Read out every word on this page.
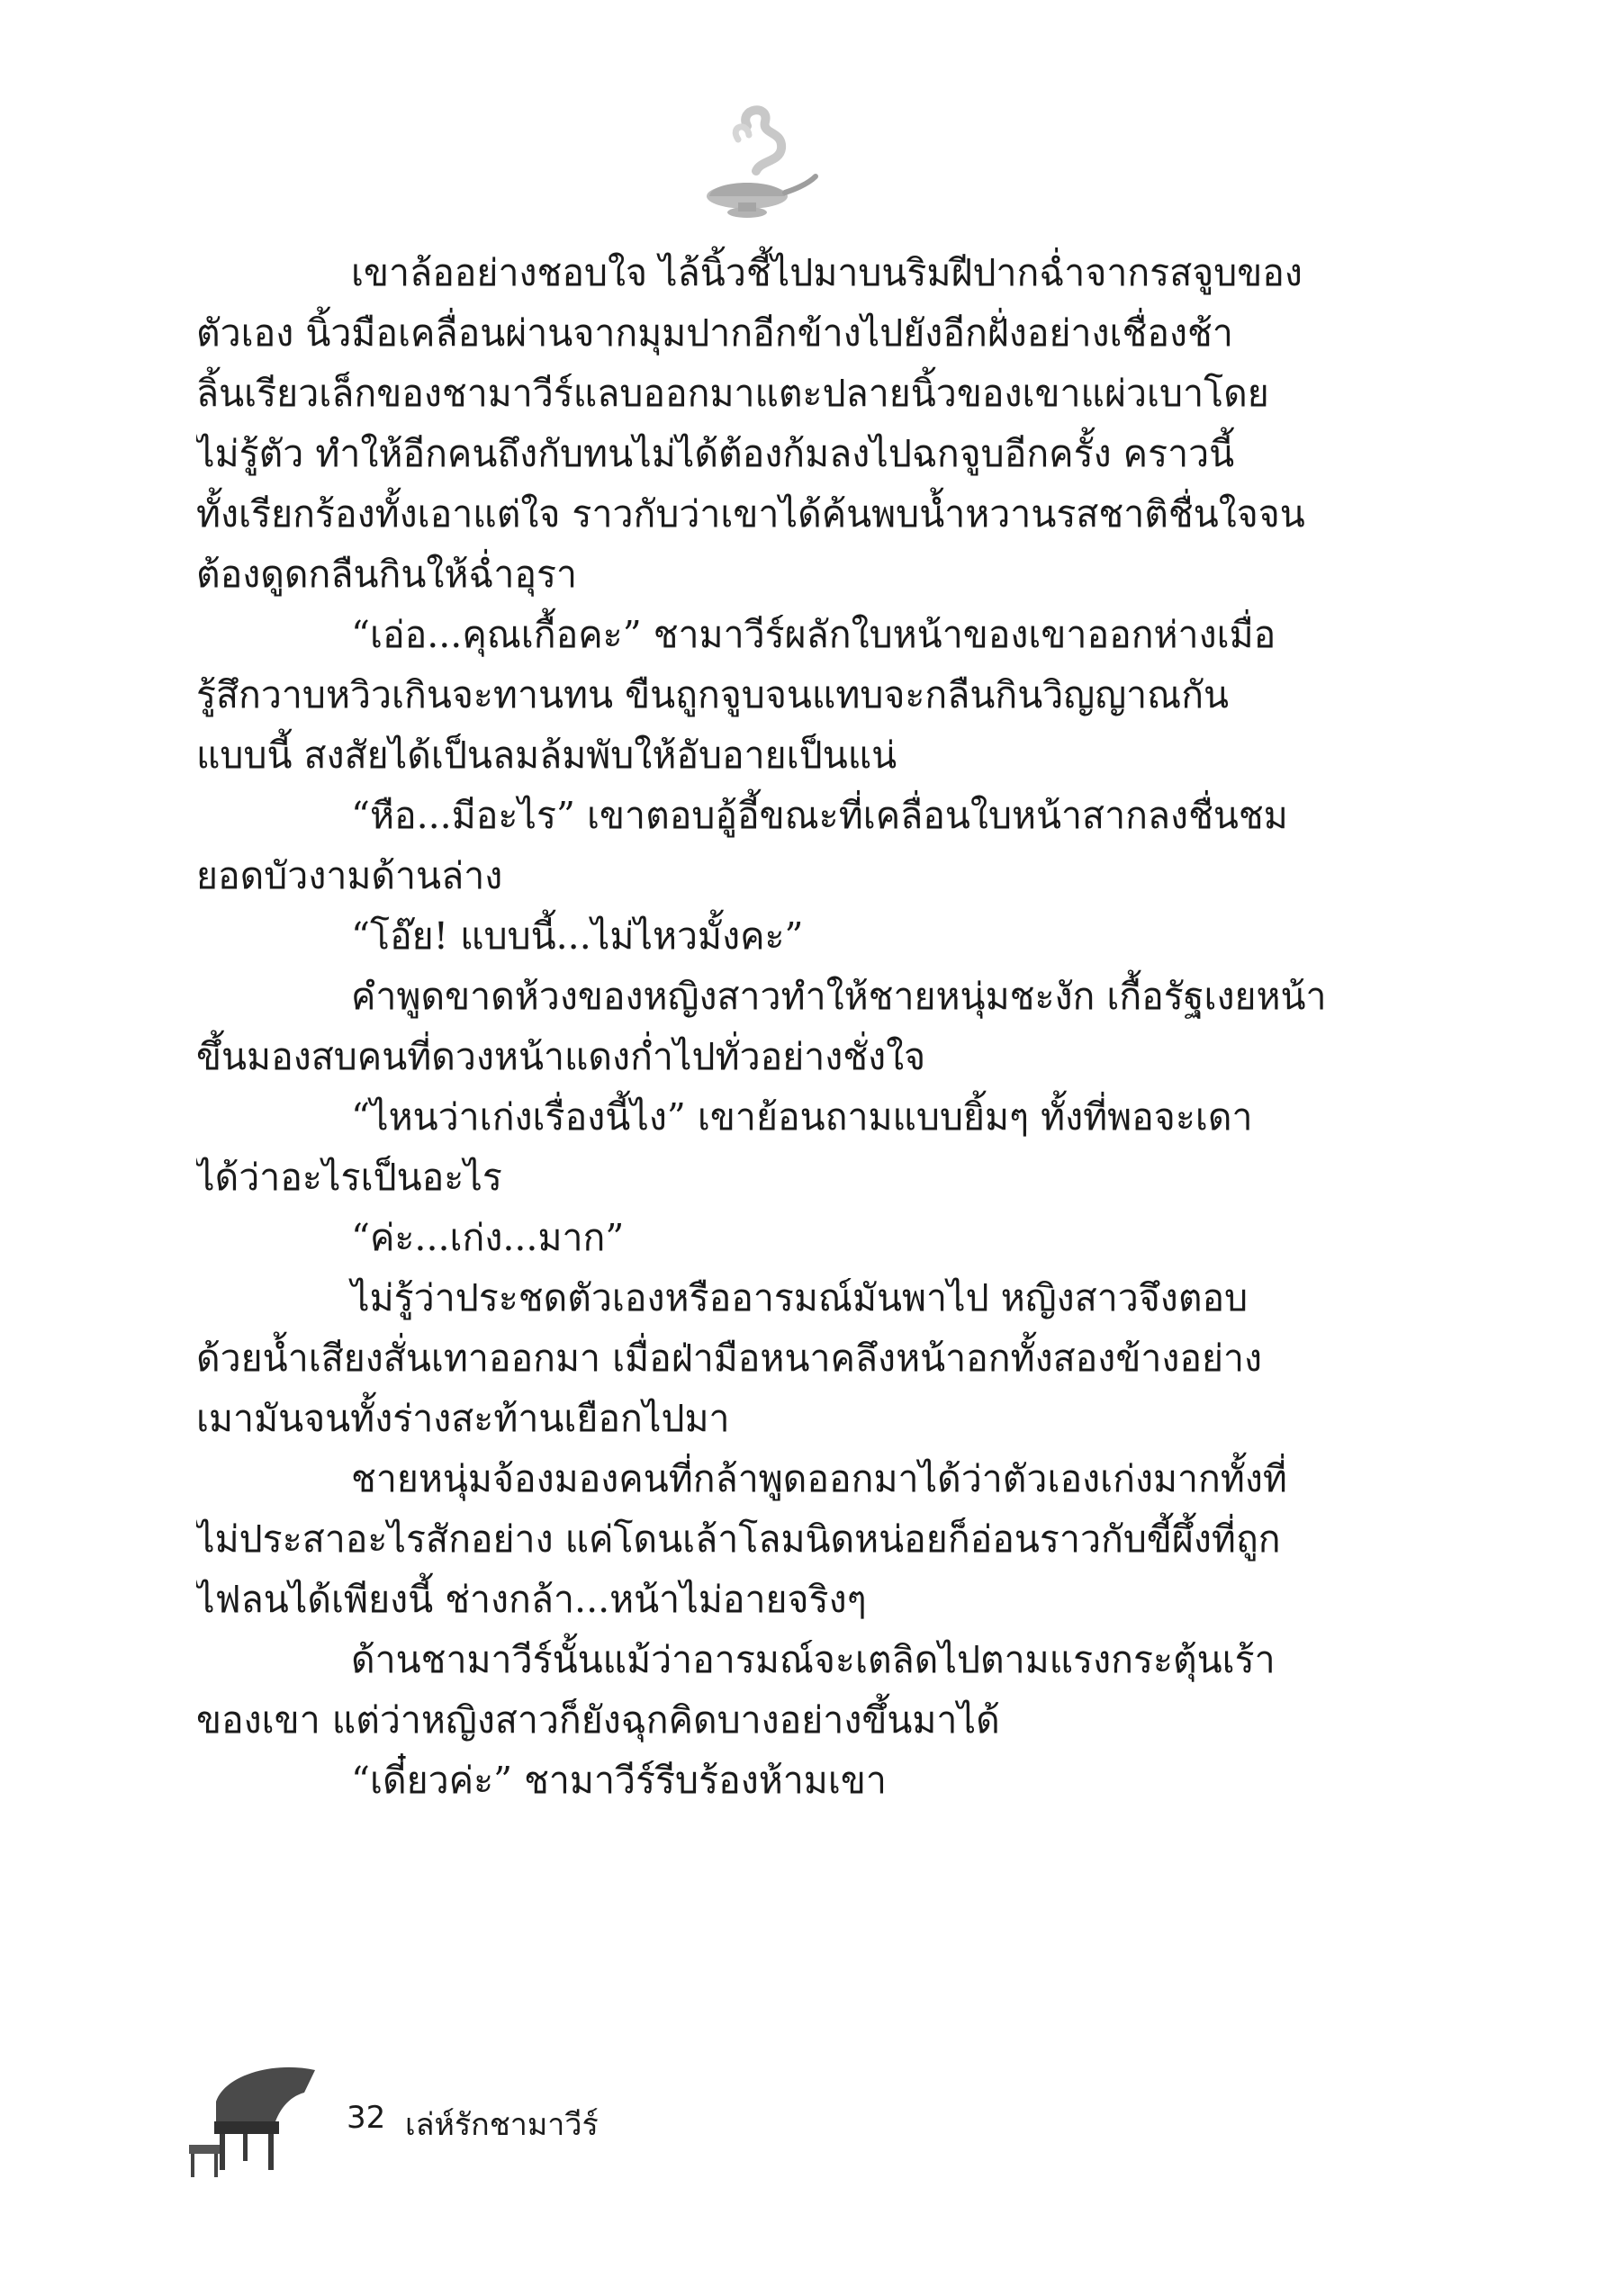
เขาล้ออย่างชอบใจ ไล้นิ้วชี้ไปมาบนริมฝีปากฉ่ำจากรสจูบของ
ตัวเอง นิ้วมือเคลื่อนผ่านจากมุมปากอีกข้างไปยังอีกฝั่งอย่างเชื่องช้า
ลิ้นเรียวเล็กของชามาวีร์แลบออกมาแตะปลายนิ้วของเขาแผ่วเบาโดย
ไม่รู้ตัว ทำให้อีกคนถึงกับทนไม่ได้ต้องก้มลงไปฉกจูบอีกครั้ง คราวนี้
ทั้งเรียกร้องทั้งเอาแต่ใจ ราวกับว่าเขาได้ค้นพบน้ำหวานรสชาติชื่นใจจน
ต้องดูดกลืนกินให้ฉ่ำอุรา

“เอ่อ...คุณเกื้อคะ” ชามาวีร์ผลักใบหน้าของเขาออกห่างเมื่อ
รู้สึกวาบหวิวเกินจะทานทน ขืนถูกจูบจนแทบจะกลืนกินวิญญาณกัน
แบบนี้ สงสัยได้เป็นลมล้มพับให้อับอายเป็นแน่

“หือ...มีอะไร” เขาตอบอู้อี้ขณะที่เคลื่อนใบหน้าสากลงชื่นชม
ยอดบัวงามด้านล่าง

“โอ๊ย! แบบนี้...ไม่ไหวมั้งคะ”

คำพูดขาดห้วงของหญิงสาวทำให้ชายหนุ่มชะงัก เกื้อรัฐเงยหน้า
ขึ้นมองสบคนที่ดวงหน้าแดงก่ำไปทั่วอย่างชั่งใจ

“ไหนว่าเก่งเรื่องนี้ไง” เขาย้อนถามแบบยิ้มๆ ทั้งที่พอจะเดา
ได้ว่าอะไรเป็นอะไร

“ค่ะ...เก่ง...มาก”

ไม่รู้ว่าประชดตัวเองหรืออารมณ์มันพาไป หญิงสาวจึงตอบ
ด้วยน้ำเสียงสั่นเทาออกมา เมื่อฝ่ามือหนาคลึงหน้าอกทั้งสองข้างอย่าง
เมามันจนทั้งร่างสะท้านเยือกไปมา

ชายหนุ่มจ้องมองคนที่กล้าพูดออกมาได้ว่าตัวเองเก่งมากทั้งที่
ไม่ประสาอะไรสักอย่าง แค่โดนเล้าโลมนิดหน่อยก็อ่อนราวกับขี้ผึ้งที่ถูก
ไฟลนได้เพียงนี้ ช่างกล้า...หน้าไม่อายจริงๆ

ด้านชามาวีร์นั้นแม้ว่าอารมณ์จะเตลิดไปตามแรงกระตุ้นเร้า
ของเขา แต่ว่าหญิงสาวก็ยังฉุกคิดบางอย่างขึ้นมาได้

“เดี๋ยวค่ะ” ชามาวีร์รีบร้องห้ามเขา

32 เล่ห์รักชามาวีร์
